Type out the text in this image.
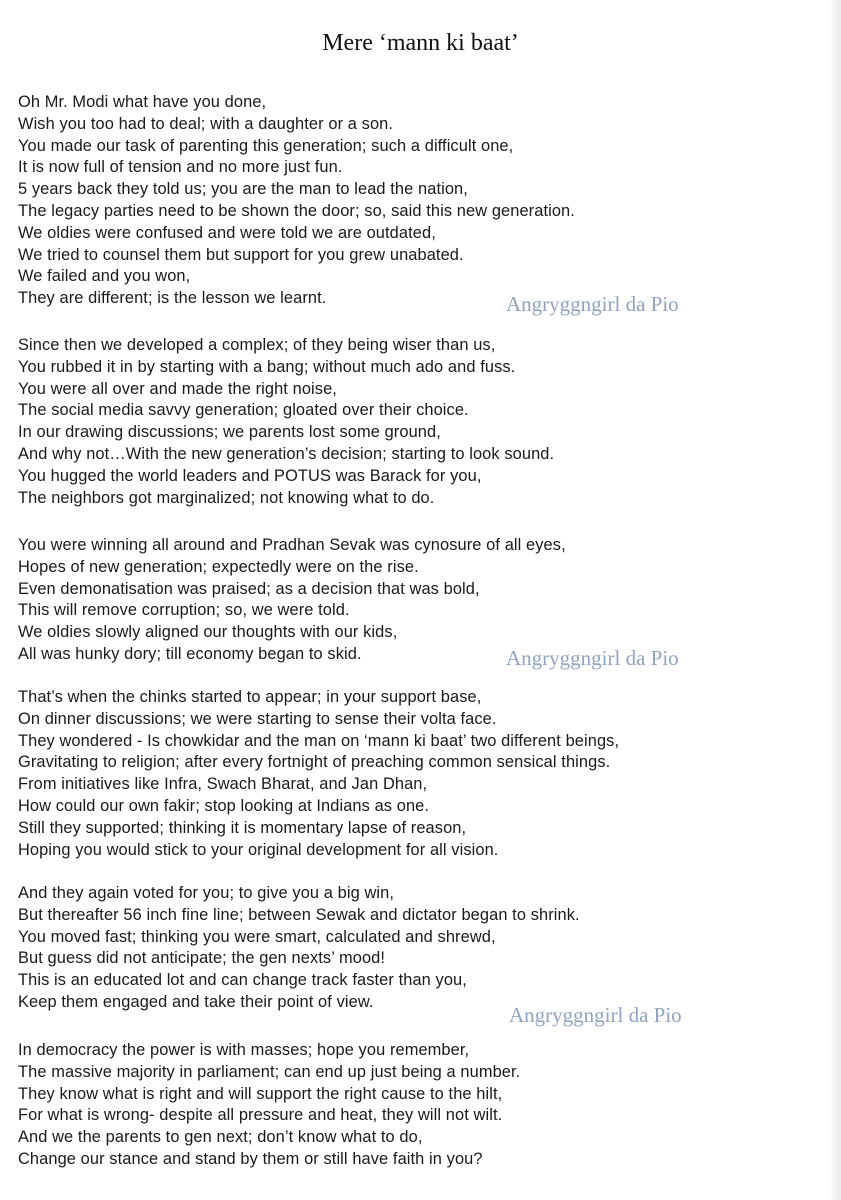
Mere ‘mann ki baat’
Oh Mr. Modi what have you done,
Wish you too had to deal; with a daughter or a son.
You made our task of parenting this generation; such a difficult one,
It is now full of tension and no more just fun.
5 years back they told us; you are the man to lead the nation,
The legacy parties need to be shown the door; so, said this new generation.
We oldies were confused and were told we are outdated,
We tried to counsel them but support for you grew unabated.
We failed and you won,
They are different; is the lesson we learnt.
Since then we developed a complex; of they being wiser than us,
You rubbed it in by starting with a bang; without much ado and fuss.
You were all over and made the right noise,
The social media savvy generation; gloated over their choice.
In our drawing discussions; we parents lost some ground,
And why not…With the new generation’s decision; starting to look sound.
You hugged the world leaders and POTUS was Barack for you,
The neighbors got marginalized; not knowing what to do.
You were winning all around and Pradhan Sevak was cynosure of all eyes,
Hopes of new generation; expectedly were on the rise.
Even demonatisation was praised; as a decision that was bold,
This will remove corruption; so, we were told.
We oldies slowly aligned our thoughts with our kids,
All was hunky dory; till economy began to skid.
That’s when the chinks started to appear; in your support base,
On dinner discussions; we were starting to sense their volta face.
They wondered - Is chowkidar and the man on ‘mann ki baat’ two different beings,
Gravitating to religion; after every fortnight of preaching common sensical things.
From initiatives like Infra, Swach Bharat, and Jan Dhan,
How could our own fakir; stop looking at Indians as one.
Still they supported; thinking it is momentary lapse of reason,
Hoping you would stick to your original development for all vision.
And they again voted for you; to give you a big win,
But thereafter 56 inch fine line; between Sewak and dictator began to shrink.
You moved fast; thinking you were smart, calculated and shrewd,
But guess did not anticipate; the gen nexts’ mood!
This is an educated lot and can change track faster than you,
Keep them engaged and take their point of view.
In democracy the power is with masses; hope you remember,
The massive majority in parliament; can end up just being a number.
They know what is right and will support the right cause to the hilt,
For what is wrong- despite all pressure and heat, they will not wilt.
And we the parents to gen next; don’t know what to do,
Change our stance and stand by them or still have faith in you?
Angryggngirl da Pio
Angryggngirl da Pio
Angryggngirl da Pio
